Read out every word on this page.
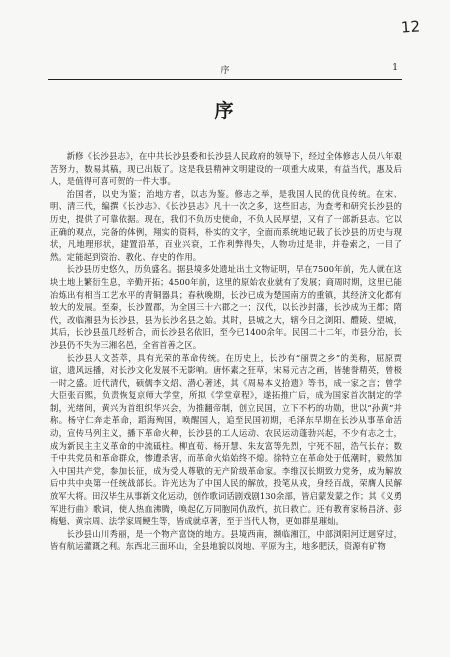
12
序	1
序

新修《长沙县志》，在中共长沙县委和长沙县人民政府的领导下，经过全体修志人员八年艰苦努力，数易其稿，现已出版了。这是我县精神文明建设的一项重大成果，有益当代，惠及后人，是值得可喜可贺的一件大事。

治国者，以史为鉴；治地方者，以志为鉴。修志之举，是我国人民的优良传统。在宋、明、清三代，编撰《长沙志》、《长沙县志》凡十一次之多，这些旧志，为查考和研究长沙县的历史，提供了可靠依据。现在，我们不负历史使命，不负人民厚望，又有了一部新县志。它以正确的观点，完备的体例，翔实的资料，朴实的文字，全面而系统地记载了长沙县的历史与现状，凡地理形状，建置沿革，百业兴衰，工作利弊得失，人物功过是非，并卷索之，一目了然。定能起到资治、教化、存史的作用。

长沙县历史悠久，历负盛名。据县境多处遗址出土文物证明，早在7500年前，先人就在这块土地上繁衍生息，辛勤开拓；4500年前，这里的原始农业就有了发展；商周时期，这里已能冶炼出有相当工艺水平的青铜器具；春秋晚期，长沙已成为楚国南方的重镇，其经济文化都有较大的发展。至秦，长沙置郡，为全国三十六郡之一；汉代，以长沙封藩，长沙成为王都；隋代，改临湘县为长沙县，县为长沙名县之始。其时，县城之大，辖今日之浏阳、醴陵、望城，其后，长沙县虽几经析合，而长沙县名依旧，至今已1400余年。民国二十二年，市县分治，长沙县仍不失为三湘名邑，全省首善之区。

长沙县人文荟萃，具有光荣的革命传统。在历史上，长沙有“丽贾之乡”的美称，屈原贾谊，遗风远播，对长沙文化发展不无影响。唐怀素之狂草，宋易元吉之画，皆驰誉精英，曾极一时之盛。近代清代，硕儒李文炤、潜心著述，其《周易本义拾遗》等书，成一家之言；曾学大臣张百熙，负责恢复京师大学堂，所拟《学堂章程》，遂拓推广后，成为国家首次制定的学制，光绪间，黄兴为首组织华兴会，为推翻帝制，创立民国，立下不朽的功勋，世以“孙黄”并称。杨守仁奔走革命，蹈海殉国，唤醒国人，追至民国初期，毛泽东早期在长沙从事革命活动，宣传马列主义，播下革命火种，长沙县的工人运动、农民运动蓬勃兴起，不少有志之士，成为新民主主义革命的中流砥柱。柳直荀、杨开慧、朱友富等先烈，宁死不屈，浩气长存；数千中共党员和革命群众，惨遭杀害，而革命火焰始终不熄。徐特立在革命处于低潮时，毅然加入中国共产党，参加长征，成为受人尊敬的无产阶级革命家。李维汉长期致力党务，成为解放后中共中央第一任统战部长。许光达为了中国人民的解放，投笔从戎，身经百战，荣膺人民解放军大将。田汉毕生从事新文化运动，创作歌词话剧戏剧130余部，皆启蒙发蒙之作；其《义勇军进行曲》歌词，使人热血沸腾，唤起亿万同胞同仇敌忾，抗日救亡。还有教育家杨昌济、彭梅魁、黄宗周、法学家周鲠生等，皆成就卓著，至于当代人物，更如群星璀灿。

长沙县山川秀丽，是一个物产富饶的地方。县境西南，濒临湘江，中部浏阳河迂迴穿过，皆有航运灌溉之利。东西北三面环山，全县地貌以岗地、平原为主，地多肥沃，资源有矿物
